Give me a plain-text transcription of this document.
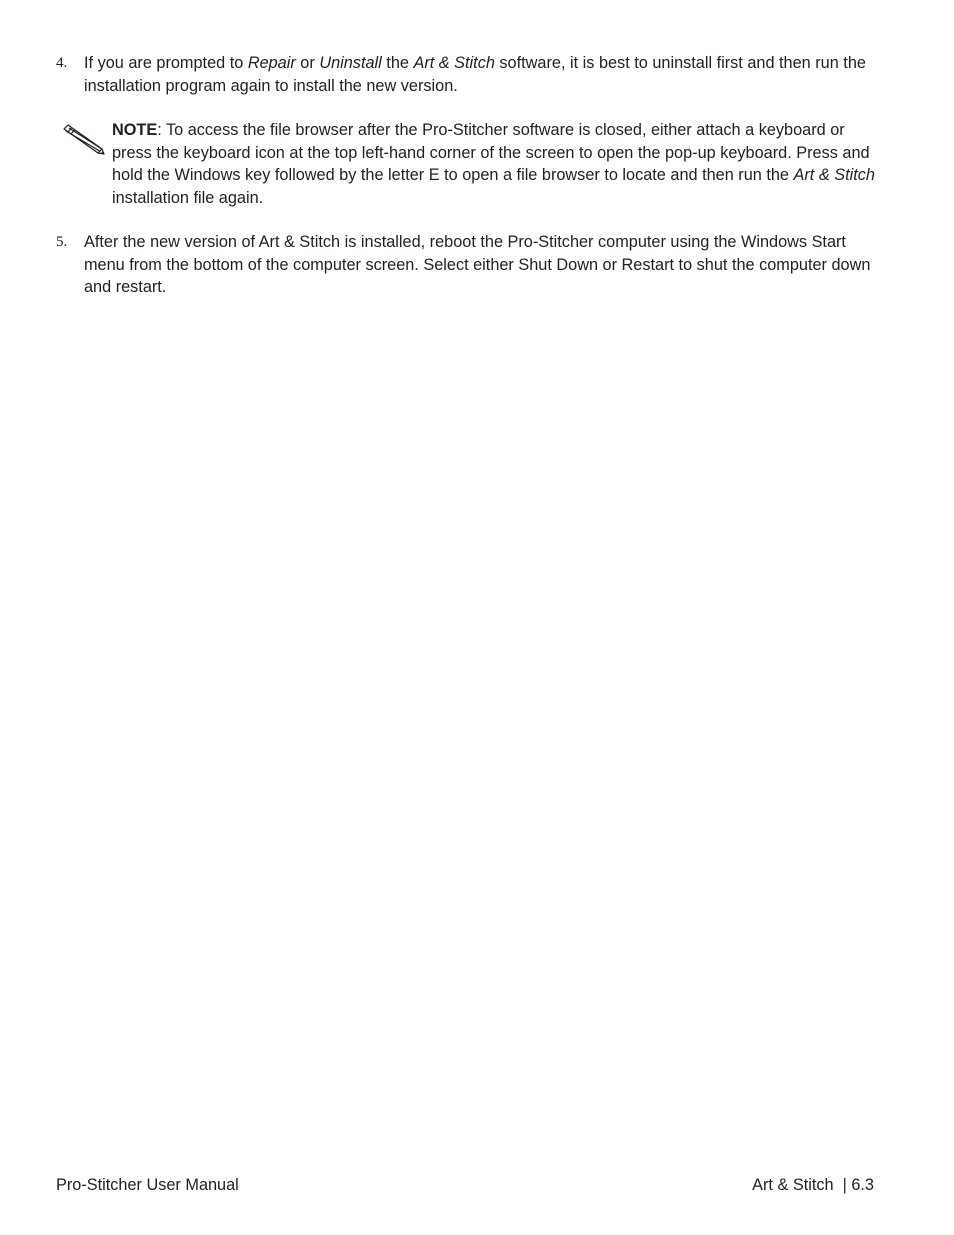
4. If you are prompted to Repair or Uninstall the Art & Stitch software, it is best to uninstall first and then run the installation program again to install the new version.
NOTE: To access the file browser after the Pro-Stitcher software is closed, either attach a keyboard or press the keyboard icon at the top left-hand corner of the screen to open the pop-up keyboard. Press and hold the Windows key followed by the letter E to open a file browser to locate and then run the Art & Stitch installation file again.
5. After the new version of Art & Stitch is installed, reboot the Pro-Stitcher computer using the Windows Start menu from the bottom of the computer screen. Select either Shut Down or Restart to shut the computer down and restart.
Pro-Stitcher User Manual	Art & Stitch  | 6.3
